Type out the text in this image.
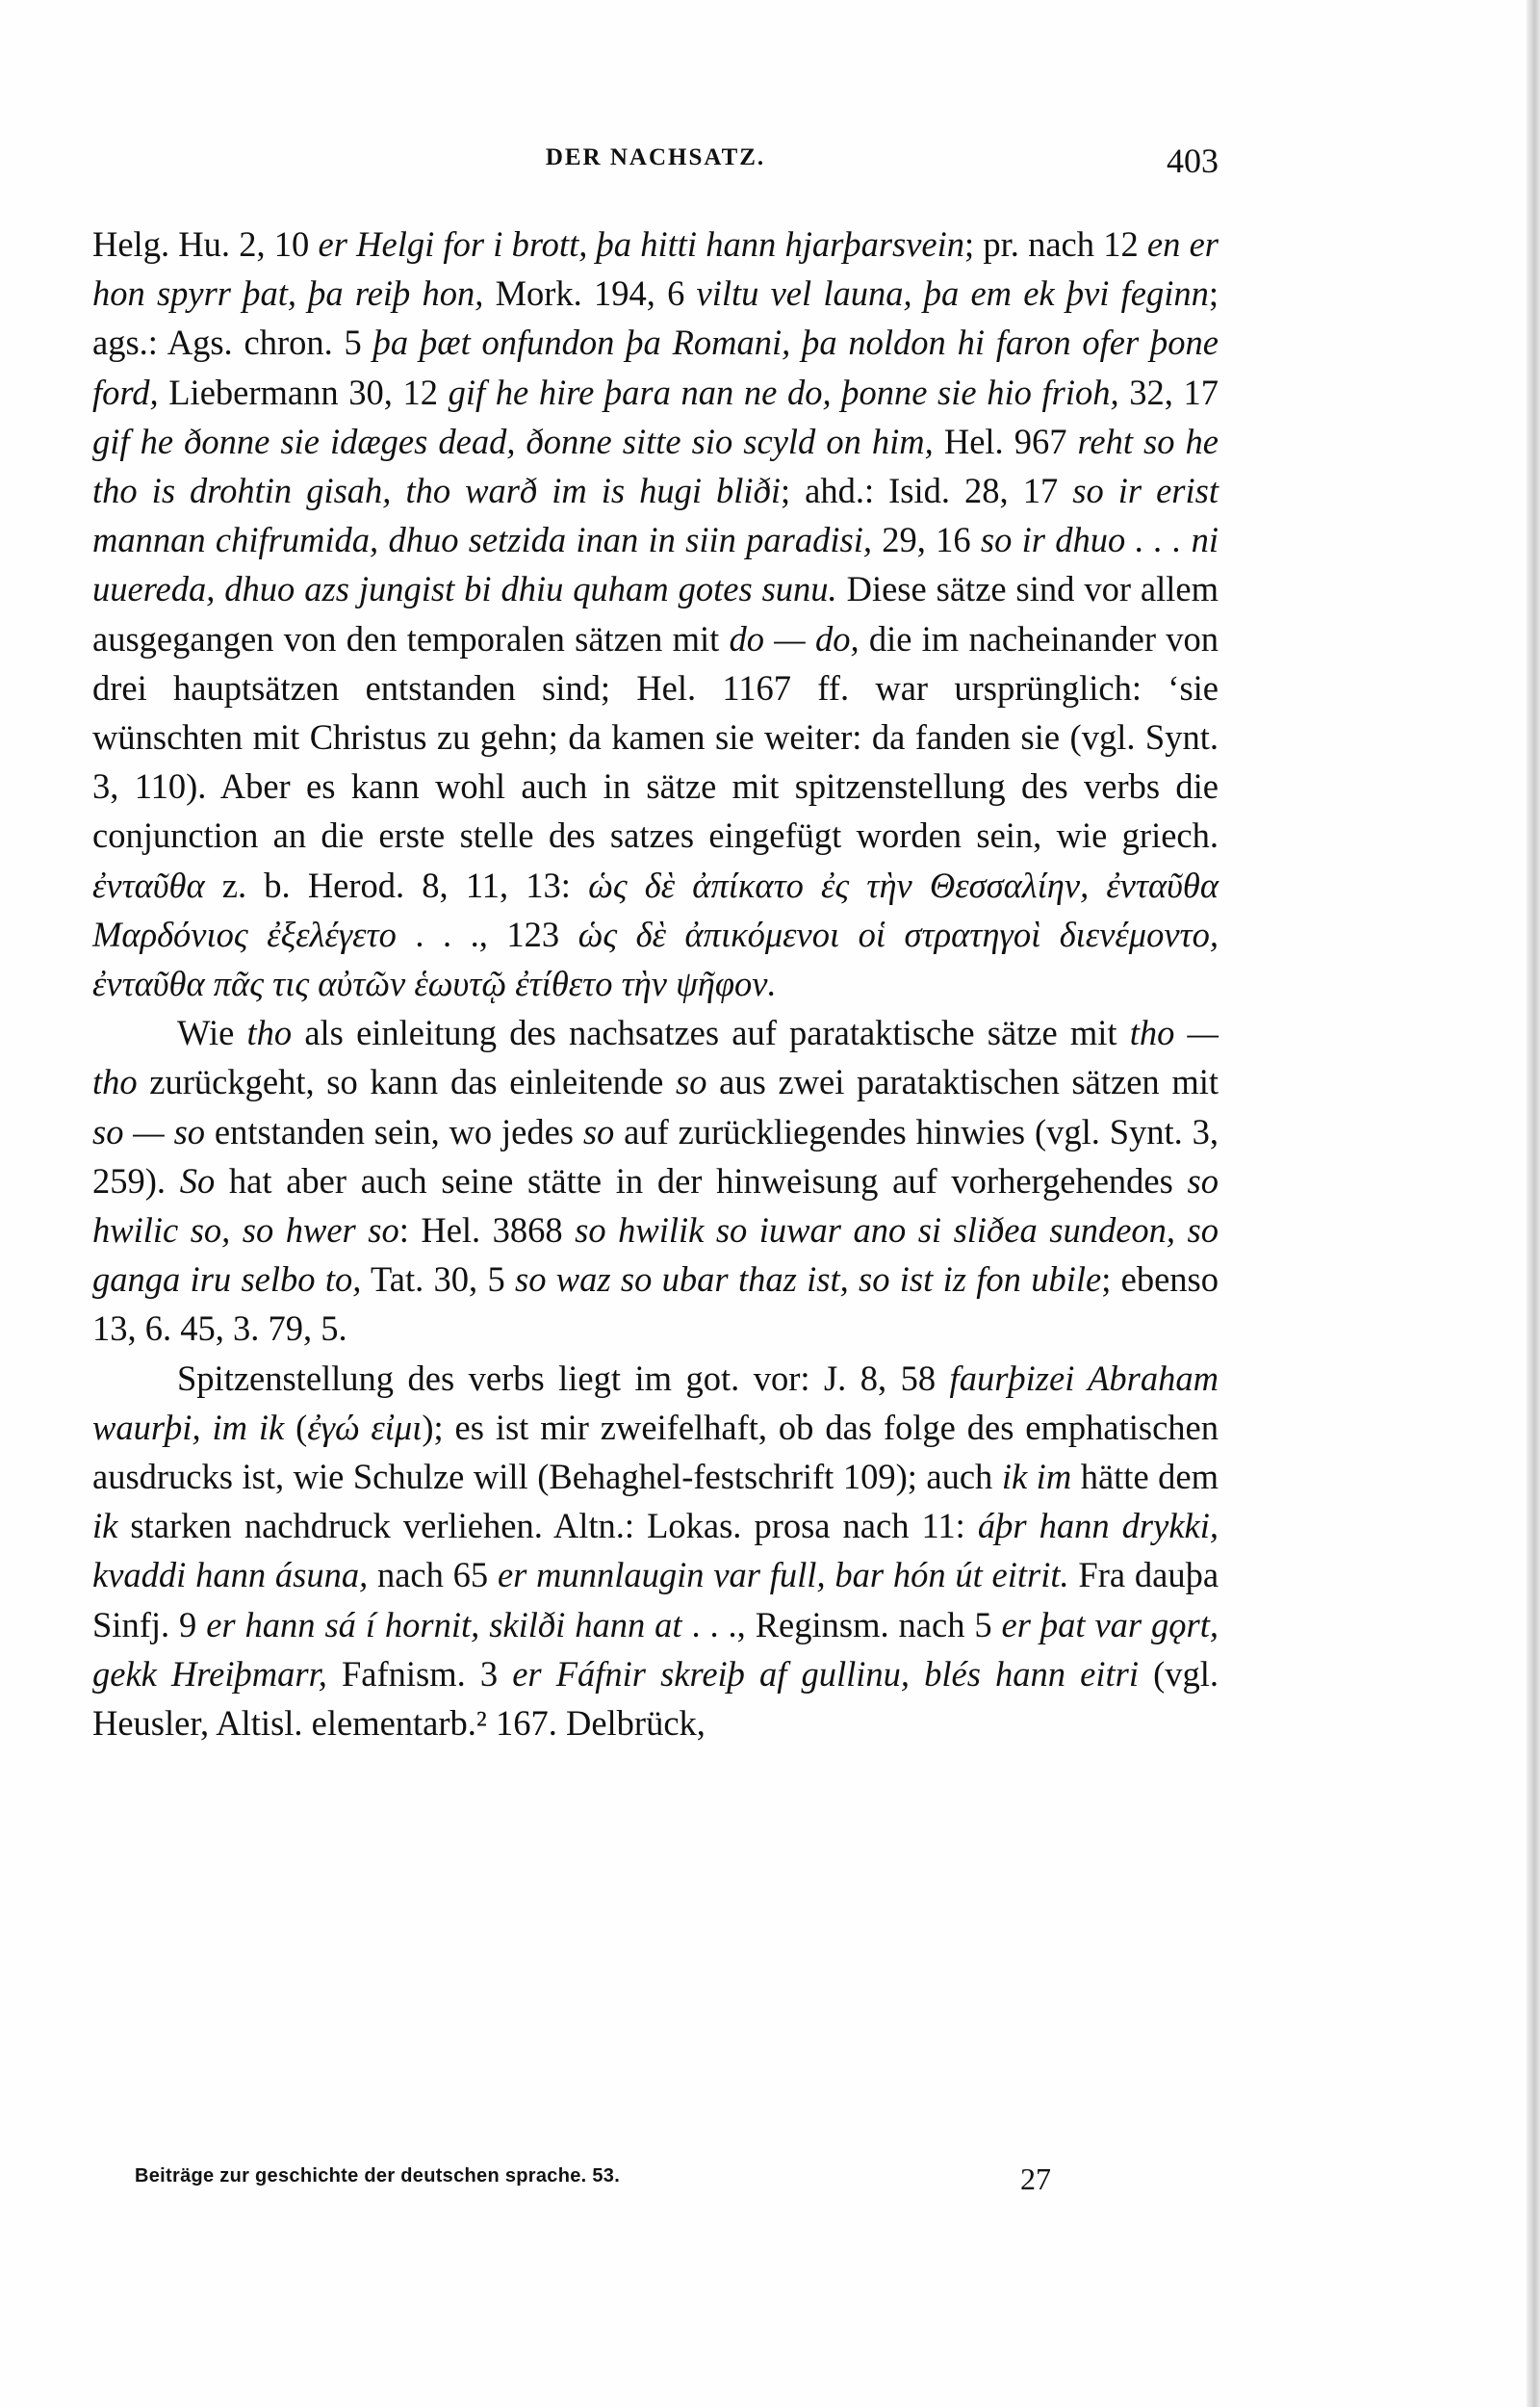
DER NACHSATZ.	403

Helg. Hu. 2, 10 er Helgi for i brott, þa hitti hann hjarþarsvein; pr. nach 12 en er hon spyrr þat, þa reiþ hon, Mork. 194, 6 viltu vel launa, þa em ek þvi feginn; ags.: Ags. chron. 5 þa þæt onfundon þa Romani, þa noldon hi faron ofer þone ford, Liebermann 30, 12 gif he hire þara nan ne do, þonne sie hio frioh, 32, 17 gif he ðonne sie idæges dead, ðonne sitte sio scyld on him, Hel. 967 reht so he tho is drohtin gisah, tho warð im is hugi bliði; ahd.: Isid. 28, 17 so ir erist mannan chifrumida, dhuo setzida inan in siin paradisi, 29, 16 so ir dhuo . . . ni uuereda, dhuo azs jungist bi dhiu quham gotes sunu. Diese sätze sind vor allem ausgegangen von den temporalen sätzen mit do — do, die im nacheinander von drei hauptsätzen entstanden sind; Hel. 1167 ff. war ursprünglich: ‘sie wünschten mit Christus zu gehn; da kamen sie weiter: da fanden sie (vgl. Synt. 3, 110). Aber es kann wohl auch in sätze mit spitzenstellung des verbs die conjunction an die erste stelle des satzes eingefügt worden sein, wie griech. ἐνταῦθα z. b. Herod. 8, 11, 13: ὡς δὲ ἀπίκατο ἐς τὴν Θεσσαλίην, ἐνταῦθα Μαρδόνιος ἐξελέγετο . . ., 123 ὡς δὲ ἀπικόμενοι οἱ στρατηγοὶ διενέμοντο, ἐνταῦθα πᾶς τις αὐτῶν ἑωυτῷ ἐτίθετο τὴν ψῆφον.

Wie tho als einleitung des nachsatzes auf parataktische sätze mit tho — tho zurückgeht, so kann das einleitende so aus zwei parataktischen sätzen mit so — so entstanden sein, wo jedes so auf zurückliegendes hinwies (vgl. Synt. 3, 259). So hat aber auch seine stätte in der hinweisung auf vorhergehendes so hwilic so, so hwer so: Hel. 3868 so hwilik so iuwar ano si sliðea sundeon, so ganga iru selbo to, Tat. 30, 5 so waz so ubar thaz ist, so ist iz fon ubile; ebenso 13, 6. 45, 3. 79, 5.

Spitzenstellung des verbs liegt im got. vor: J. 8, 58 faurþizei Abraham waurþi, im ik (ἐγώ εἰμι); es ist mir zweifelhaft, ob das folge des emphatischen ausdrucks ist, wie Schulze will (Behaghel-festschrift 109); auch ik im hätte dem ik starken nachdruck verliehen. Altn.: Lokas. prosa nach 11: áþr hann drykki, kvaddi hann ásuna, nach 65 er munnlaugin var full, bar hón út eitrit. Fra dauþa Sinfj. 9 er hann sá í hornit, skilði hann at . . ., Reginsm. nach 5 er þat var gǫrt, gekk Hreiþmarr, Fafnism. 3 er Fáfnir skreiþ af gullinu, blés hann eitri (vgl. Heusler, Altisl. elementarb.² 167. Delbrück,

Beiträge zur geschichte der deutschen sprache. 53.	27
